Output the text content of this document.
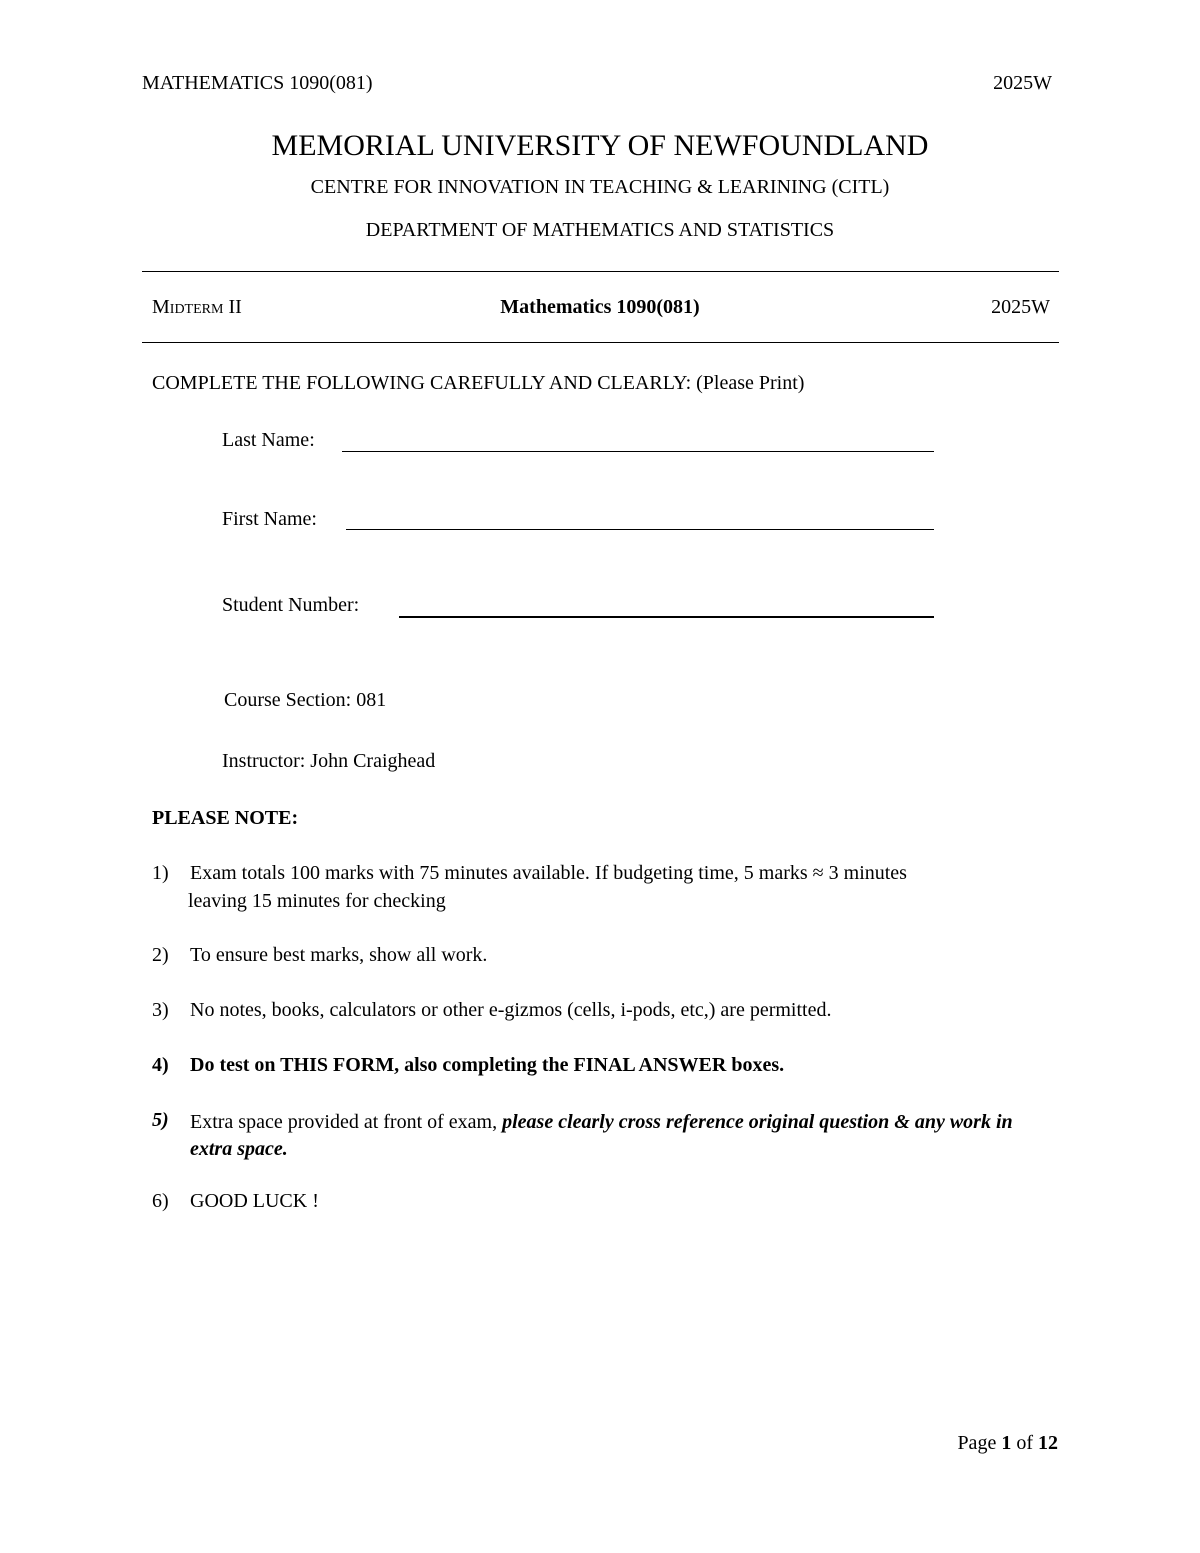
MATHEMATICS 1090(081)	2025W
MEMORIAL UNIVERSITY OF NEWFOUNDLAND
CENTRE FOR INNOVATION IN TEACHING & LEARINING (CITL)
DEPARTMENT OF MATHEMATICS AND STATISTICS
Midterm II	Mathematics 1090(081)	2025W
COMPLETE THE FOLLOWING CAREFULLY AND CLEARLY: (Please Print)
Last Name:
First Name:
Student Number:
Course Section: 081
Instructor: John Craighead
PLEASE NOTE:
1) Exam totals 100 marks with 75 minutes available. If budgeting time, 5 marks ≈ 3 minutes
leaving 15 minutes for checking
2) To ensure best marks, show all work.
3) No notes, books, calculators or other e-gizmos (cells, i-pods, etc,) are permitted.
4) Do test on THIS FORM, also completing the FINAL ANSWER boxes.
5) Extra space provided at front of exam, please clearly cross reference original question & any work in extra space.
6) GOOD LUCK !
Page 1 of 12
